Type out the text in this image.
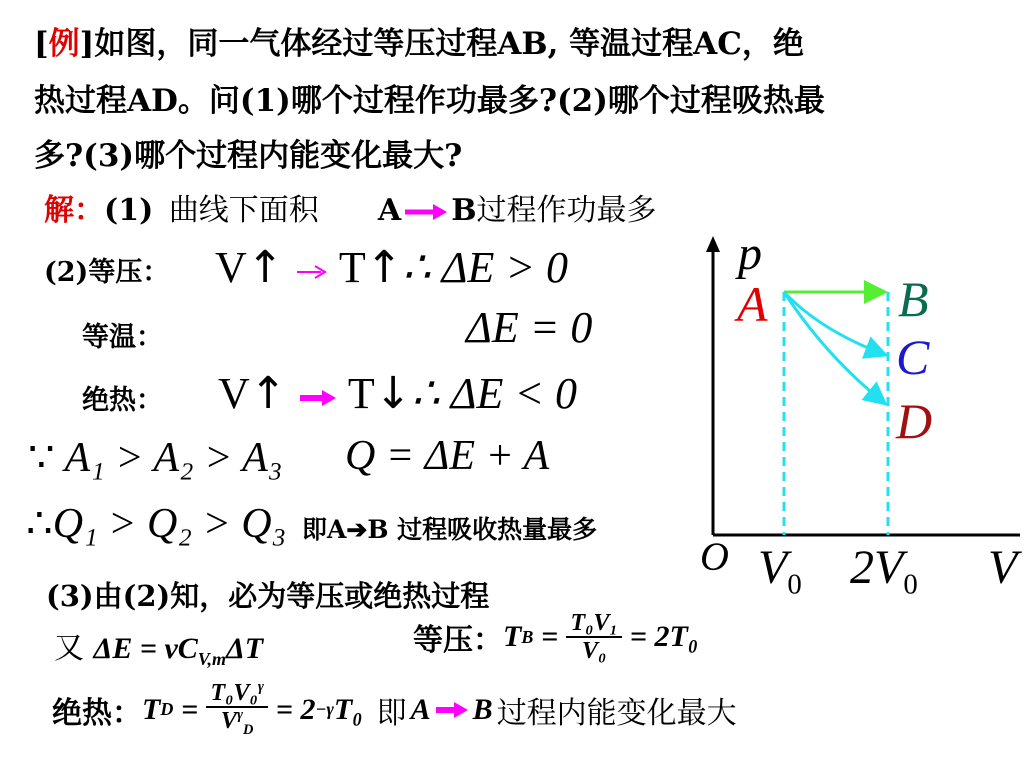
[例]如图，同一气体经过等压过程AB, 等温过程AC，绝
热过程AD。问(1)哪个过程作功最多?(2)哪个过程吸热最
多?(3)哪个过程内能变化最大?
解：(1) 曲线下面积 A B过程作功最多
(2)等压： V↑ T↑∴ ΔE > 0
等温：	ΔE = 0
绝热： V↑ T↓∴ ΔE < 0
∵ A₁ > A₂ > A₃ Q = ΔE + A
∴Q₁ > Q₂ > Q₃ 即A➔B 过程吸收热量最多
(3)由(2)知，必为等压或绝热过程
又 $\Delta E = \nu C_{V,m}\Delta T$	等压： T $B = \frac{\text{T₀V₁}}{\text{V₀}} = 2T_0$
绝热： T $D = \frac{T_0V_0^\gamma}{V^\gamma_D} = 2 -\gamma$ T₀ 即 A B 过程内能变化最大
p
A	B
C
D
O $V_0$ $2V_0$ V
